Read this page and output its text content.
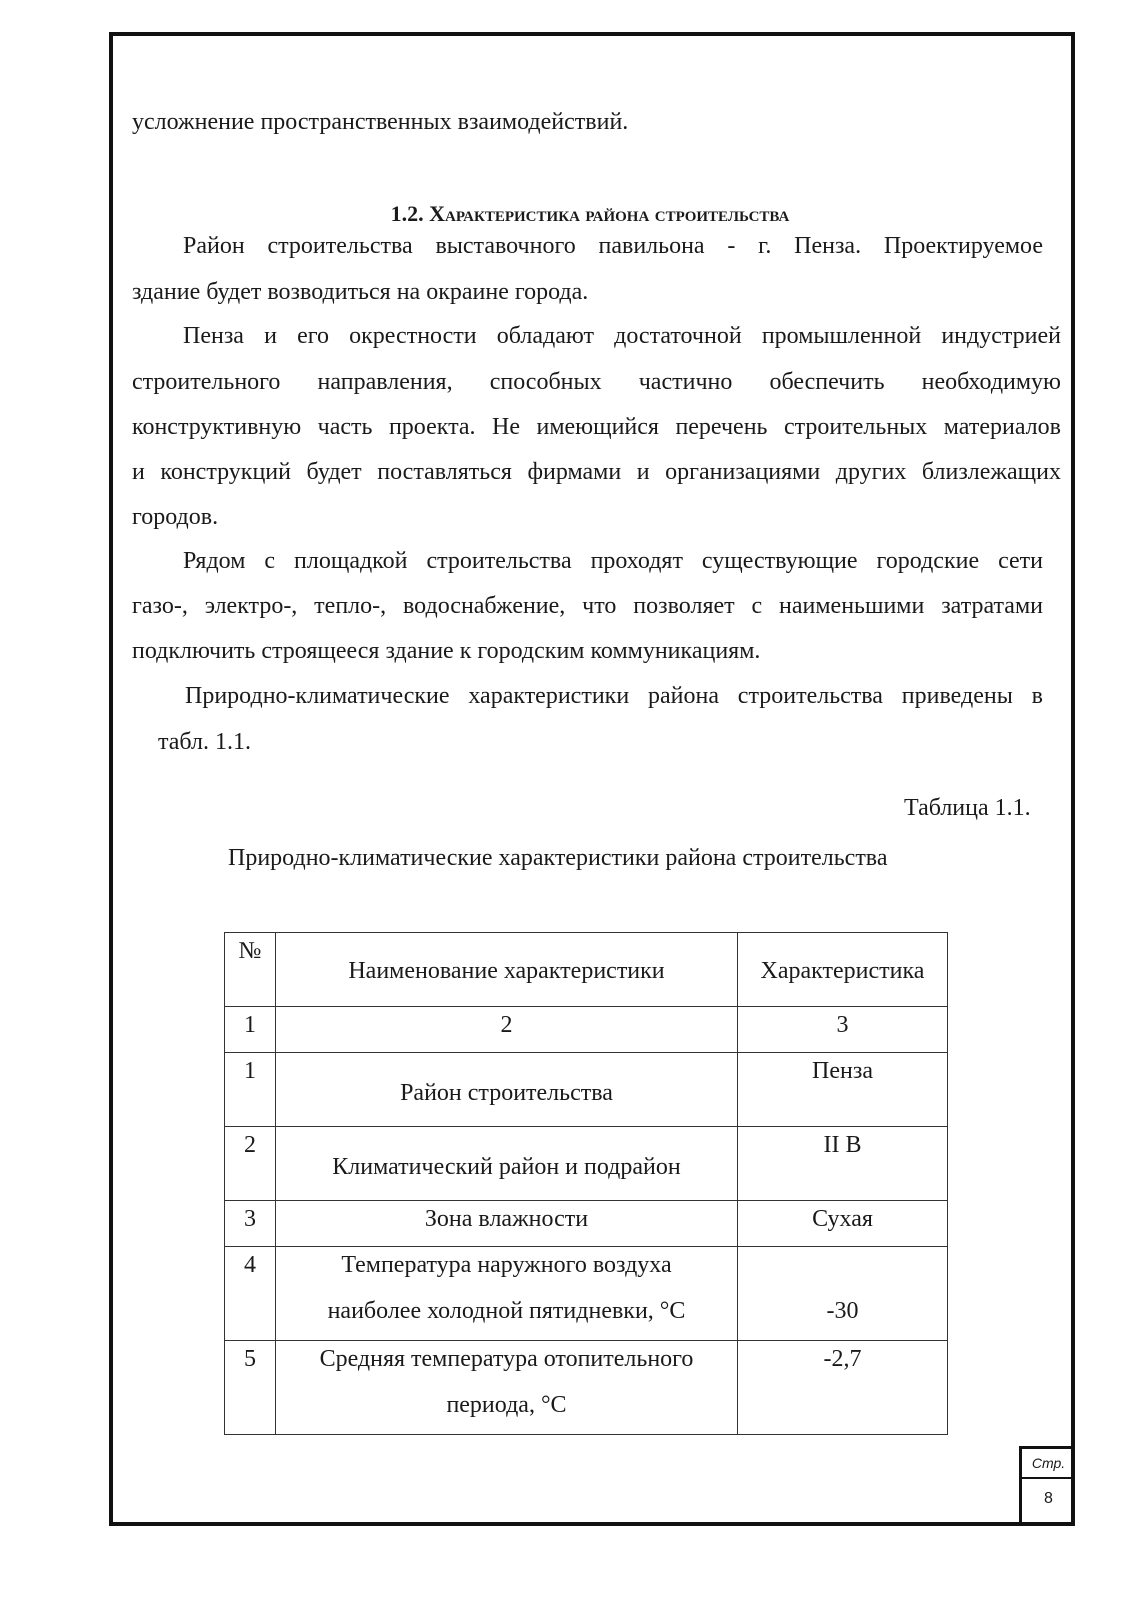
усложнение пространственных взаимодействий.
1.2. Характеристика района строительства
Район строительства выставочного павильона - г. Пенза. Проектируемое
здание будет возводиться на окраине города.
Пенза и его окрестности обладают достаточной промышленной индустрией
строительного направления, способных частично обеспечить необходимую
конструктивную часть проекта. Не имеющийся перечень строительных материалов
и конструкций будет поставляться фирмами и организациями других близлежащих
городов.
Рядом с площадкой строительства проходят существующие городские сети
газо-, электро-, тепло-, водоснабжение, что позволяет с наименьшими затратами
подключить строящееся здание к городским коммуникациям.
Природно-климатические характеристики района строительства приведены в
табл. 1.1.
Таблица 1.1.
Природно-климатические характеристики района строительства
№	Наименование характеристики	Характеристика

1	2	3

1	Район строительства	Пенза

2	Климатический район и подрайон	II В

3	Зона влажности	Сухая

4	Температура наружного воздуха
наиболее холодной пятидневки, °С	-30

5	Средняя температура отопительного
периода, °С	-2,7
Стр.
8
